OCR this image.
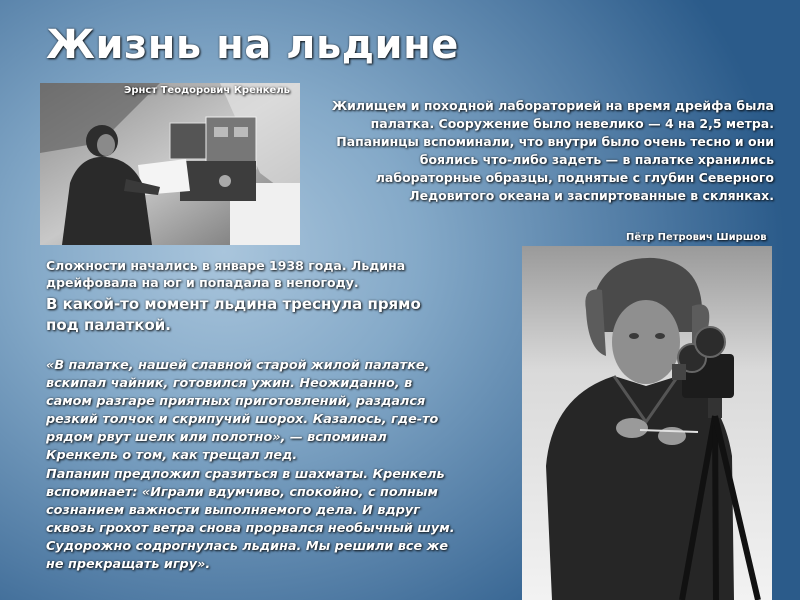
Жизнь на льдине
Эрнст Теодорович Кренкель
Пётр Петрович Ширшов

Жилищем и походной лабораторией на время дрейфа была
палатка. Сооружение было невелико — 4 на 2,5 метра.
Папанинцы вспоминали, что внутри было очень тесно и они
боялись что-либо задеть — в палатке хранились
лабораторные образцы, поднятые с глубин Северного
Ледовитого океана и заспиртованные в склянках.

Сложности начались в январе 1938 года. Льдина
дрейфовала на юг и попадала в непогоду.

В какой-то момент льдина треснула прямо
под палаткой.

«В палатке, нашей славной старой жилой палатке,
вскипал чайник, готовился ужин. Неожиданно, в
самом разгаре приятных приготовлений, раздался
резкий толчок и скрипучий шорох. Казалось, где-то
рядом рвут шелк или полотно», — вспоминал
Кренкель о том, как трещал лед.
Папанин предложил сразиться в шахматы. Кренкель
вспоминает: «Играли вдумчиво, спокойно, с полным
сознанием важности выполняемого дела. И вдруг
сквозь грохот ветра снова прорвался необычный шум.
Судорожно содрогнулась льдина. Мы решили все же
не прекращать игру».
